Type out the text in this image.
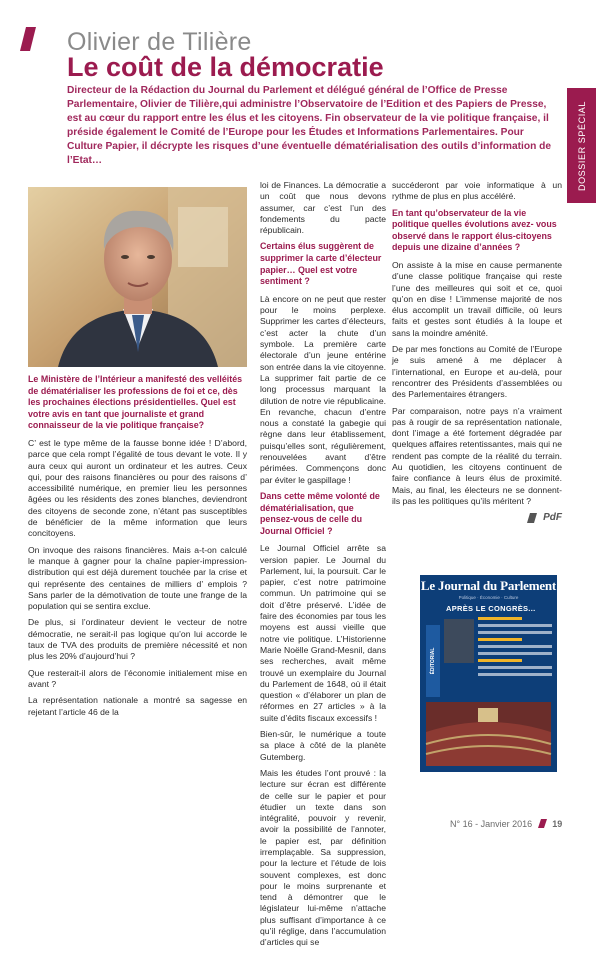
Olivier de Tilière
Le coût de la démocratie
Directeur de la Rédaction du Journal du Parlement et délégué général de l’Office de Presse Parlementaire, Olivier de Tilière,qui administre l’Observatoire de l’Edition et des Papiers de Presse, est au cœur du rapport entre les élus et les citoyens. Fin observateur de la vie politique française, il préside également le Comité de l’Europe pour les Études et Informations Parlementaires. Pour Culture Papier, il décrypte les risques d’une éventuelle dématérialisation des outils d’information de l’Etat…	DOSSIER SPÉCIAL

Le Ministère de l’Intérieur a manifesté des velléités de dématérialiser les professions de foi et ce, dès les prochaines élections présidentielles. Quel est votre avis en tant que journaliste et grand connaisseur de la vie politique française?

C’ est le type même de la fausse bonne idée ! D’abord, parce que cela rompt l’égalité de tous devant le vote. Il y aura ceux qui auront un ordinateur et les autres. Ceux qui, pour des raisons financières ou pour des raisons d’ accessibilité numérique, en premier lieu les personnes âgées ou les résidents des zones blanches, deviendront des citoyens de seconde zone, n’étant pas susceptibles de bénéficier de la même information que leurs concitoyens.

On invoque des raisons financières. Mais a-t-on calculé le manque à gagner pour la chaîne papier-impression-distribution qui est déjà durement touchée par la crise et qui représente des centaines de milliers d’ emplois ? Sans parler de la démotivation de toute une frange de la population qui se sentira exclue.

De plus, si l’ordinateur devient le vecteur de notre démocratie, ne serait-il pas logique qu’on lui accorde le taux de TVA des produits de première nécessité et non plus les 20% d’aujourd’hui ?

Que resterait-il alors de l’économie initialement mise en avant ?

La représentation nationale a montré sa sagesse en rejetant l’article 46 de la

loi de Finances. La démocratie a un coût que nous devons assumer, car c’est l’un des fondements du pacte républicain.

Certains élus suggèrent de supprimer la carte d’électeur papier… Quel est votre sentiment ?

Là encore on ne peut que rester pour le moins perplexe. Supprimer les cartes d’électeurs, c’est acter la chute d’un symbole. La première carte électorale d’un jeune entérine son entrée dans la vie citoyenne. La supprimer fait partie de ce long processus marquant la dilution de notre vie républicaine. En revanche, chacun d’entre nous a constaté la gabegie qui règne dans leur établissement, puisqu’elles sont, régulièrement, renouvelées avant d’être périmées. Commençons donc par éviter le gaspillage !

Dans cette même volonté de dématérialisation, que pensez-vous de celle du Journal Officiel ?

Le Journal Officiel arrête sa version papier. Le Journal du Parlement, lui, la poursuit. Car le papier, c’est notre patrimoine commun. Un patrimoine qui se doit d’être préservé. L’idée de faire des économies par tous les moyens est aussi vieille que notre vie politique. L’Historienne Marie Noëlle Grand-Mesnil, dans ses recherches, avait même trouvé un exemplaire du Journal du Parlement de 1648, où il était question « d’élaborer un plan de réformes en 27 articles » à la suite d’édits fiscaux excessifs !

Bien-sûr, le numérique a toute sa place à côté de la planète Gutemberg.

Mais les études l’ont prouvé : la lecture sur écran est différente de celle sur le papier et pour étudier un texte dans son intégralité, pouvoir y revenir, avoir la possibilité de l’annoter, le papier est, par définition irremplaçable. Sa suppression, pour la lecture et l’étude de lois souvent complexes, est donc pour le moins surprenante et tend à démontrer que le législateur lui-même n’attache plus suffisant d’importance à ce qu’il réglige, dans l’accumulation d’articles qui se

succéderont par voie informatique à un rythme de plus en plus accéléré.

En tant qu’observateur de la vie politique quelles évolutions avez- vous observé dans le rapport élus-citoyens depuis une dizaine d’années ?

On assiste à la mise en cause permanente d’une classe politique française qui reste l’une des meilleures qui soit et ce, quoi qu’on en dise ! L’immense majorité de nos élus accomplit un travail difficile, où leurs faits et gestes sont étudiés à la loupe et sans la moindre aménité.

De par mes fonctions au Comité de l’Europe je suis amené à me déplacer à l’international, en Europe et au-delà, pour rencontrer des Présidents d’assemblées ou des Parlementaires étrangers.

Par comparaison, notre pays n’a vraiment pas à rougir de sa représentation nationale, dont l’image a été fortement dégradée par quelques affaires retentissantes, mais qui ne rendent pas compte de la réalité du terrain. Au quotidien, les citoyens continuent de faire confiance à leurs élus de proximité. Mais, au final, les électeurs ne se donnent-ils pas les politiques qu’ils méritent ?

PdF
Le Journal du Parlement
Politique · Économie · Culture
APRÈS LE CONGRÈS...
ÉDITORIAL
N° 16 - Janvier 2016 19
